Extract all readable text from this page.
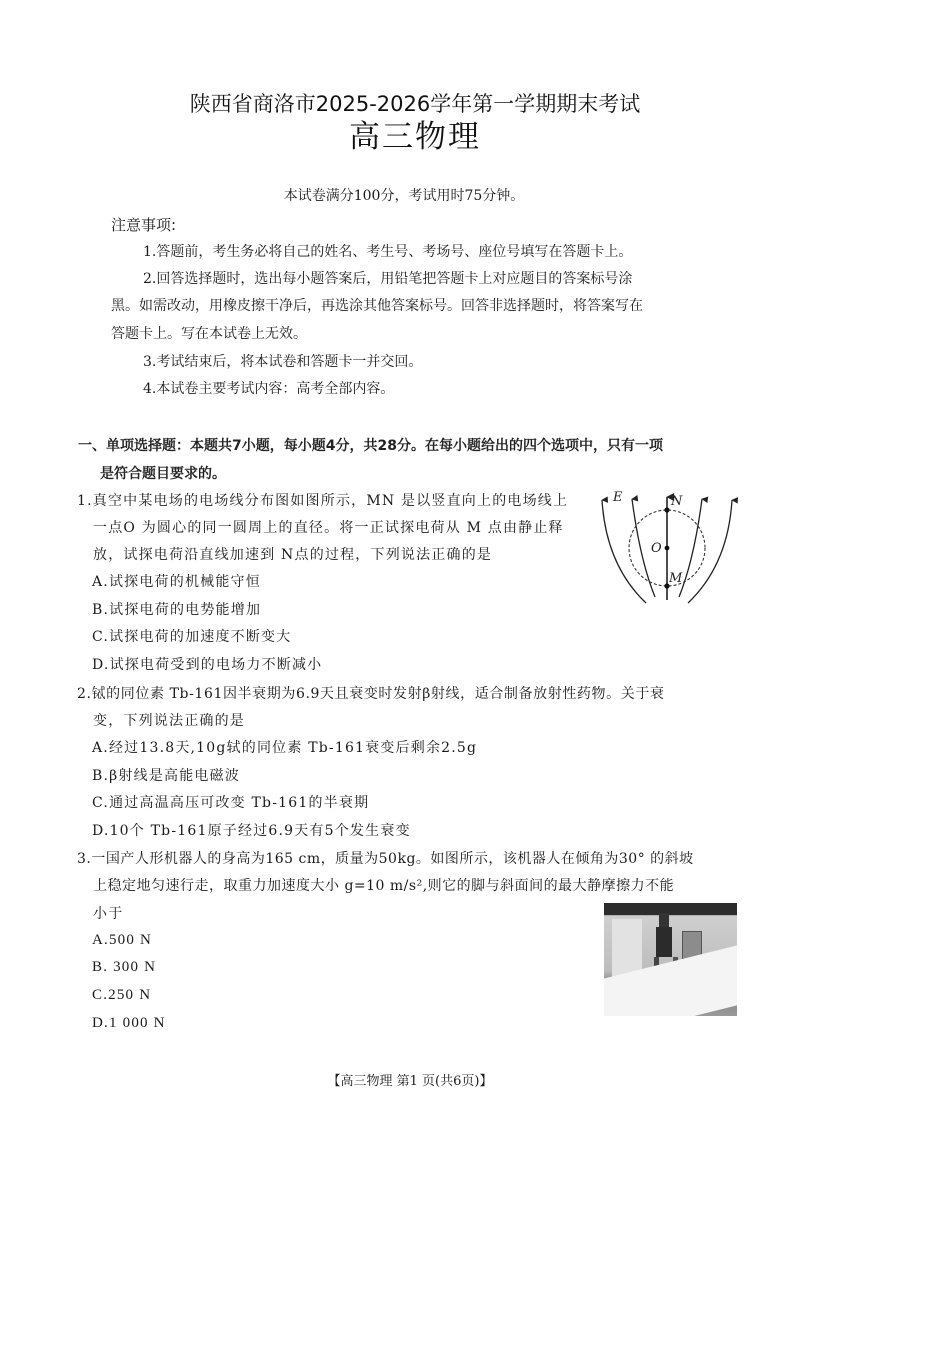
陕西省商洛市2025-2026学年第一学期期末考试
高三物理
本试卷满分100分，考试用时75分钟。
注意事项:
1.答题前，考生务必将自己的姓名、考生号、考场号、座位号填写在答题卡上。
2.回答选择题时，选出每小题答案后，用铅笔把答题卡上对应题目的答案标号涂
黑。如需改动，用橡皮擦干净后，再选涂其他答案标号。回答非选择题时，将答案写在
答题卡上。写在本试卷上无效。
3.考试结束后，将本试卷和答题卡一并交回。
4.本试卷主要考试内容：高考全部内容。
一、单项选择题：本题共7小题，每小题4分，共28分。在每小题给出的四个选项中，只有一项
是符合题目要求的。
1.真空中某电场的电场线分布图如图所示，MN 是以竖直向上的电场线上
一点O 为圆心的同一圆周上的直径。将一正试探电荷从 M 点由静止释
放，试探电荷沿直线加速到 N点的过程，下列说法正确的是
A.试探电荷的机械能守恒
B.试探电荷的电势能增加
C.试探电荷的加速度不断变大
D.试探电荷受到的电场力不断减小
E	N
O
M
2.铽的同位素 Tb-161因半衰期为6.9天且衰变时发射β射线，适合制备放射性药物。关于衰
变，下列说法正确的是
A.经过13.8天,10g轼的同位素 Tb-161衰变后剩余2.5g
B.β射线是高能电磁波
C.通过高温高压可改变 Tb-161的半衰期
D.10个 Tb-161原子经过6.9天有5个发生衰变
3.一国产人形机器人的身高为165 cm，质量为50kg。如图所示，该机器人在倾角为30° 的斜坡
上稳定地匀速行走，取重力加速度大小 g=10 m/s²,则它的脚与斜面间的最大静摩擦力不能
小于
A.500 N
B. 300 N
C.250 N
D.1 000 N
【高三物理 第1 页(共6页)】
